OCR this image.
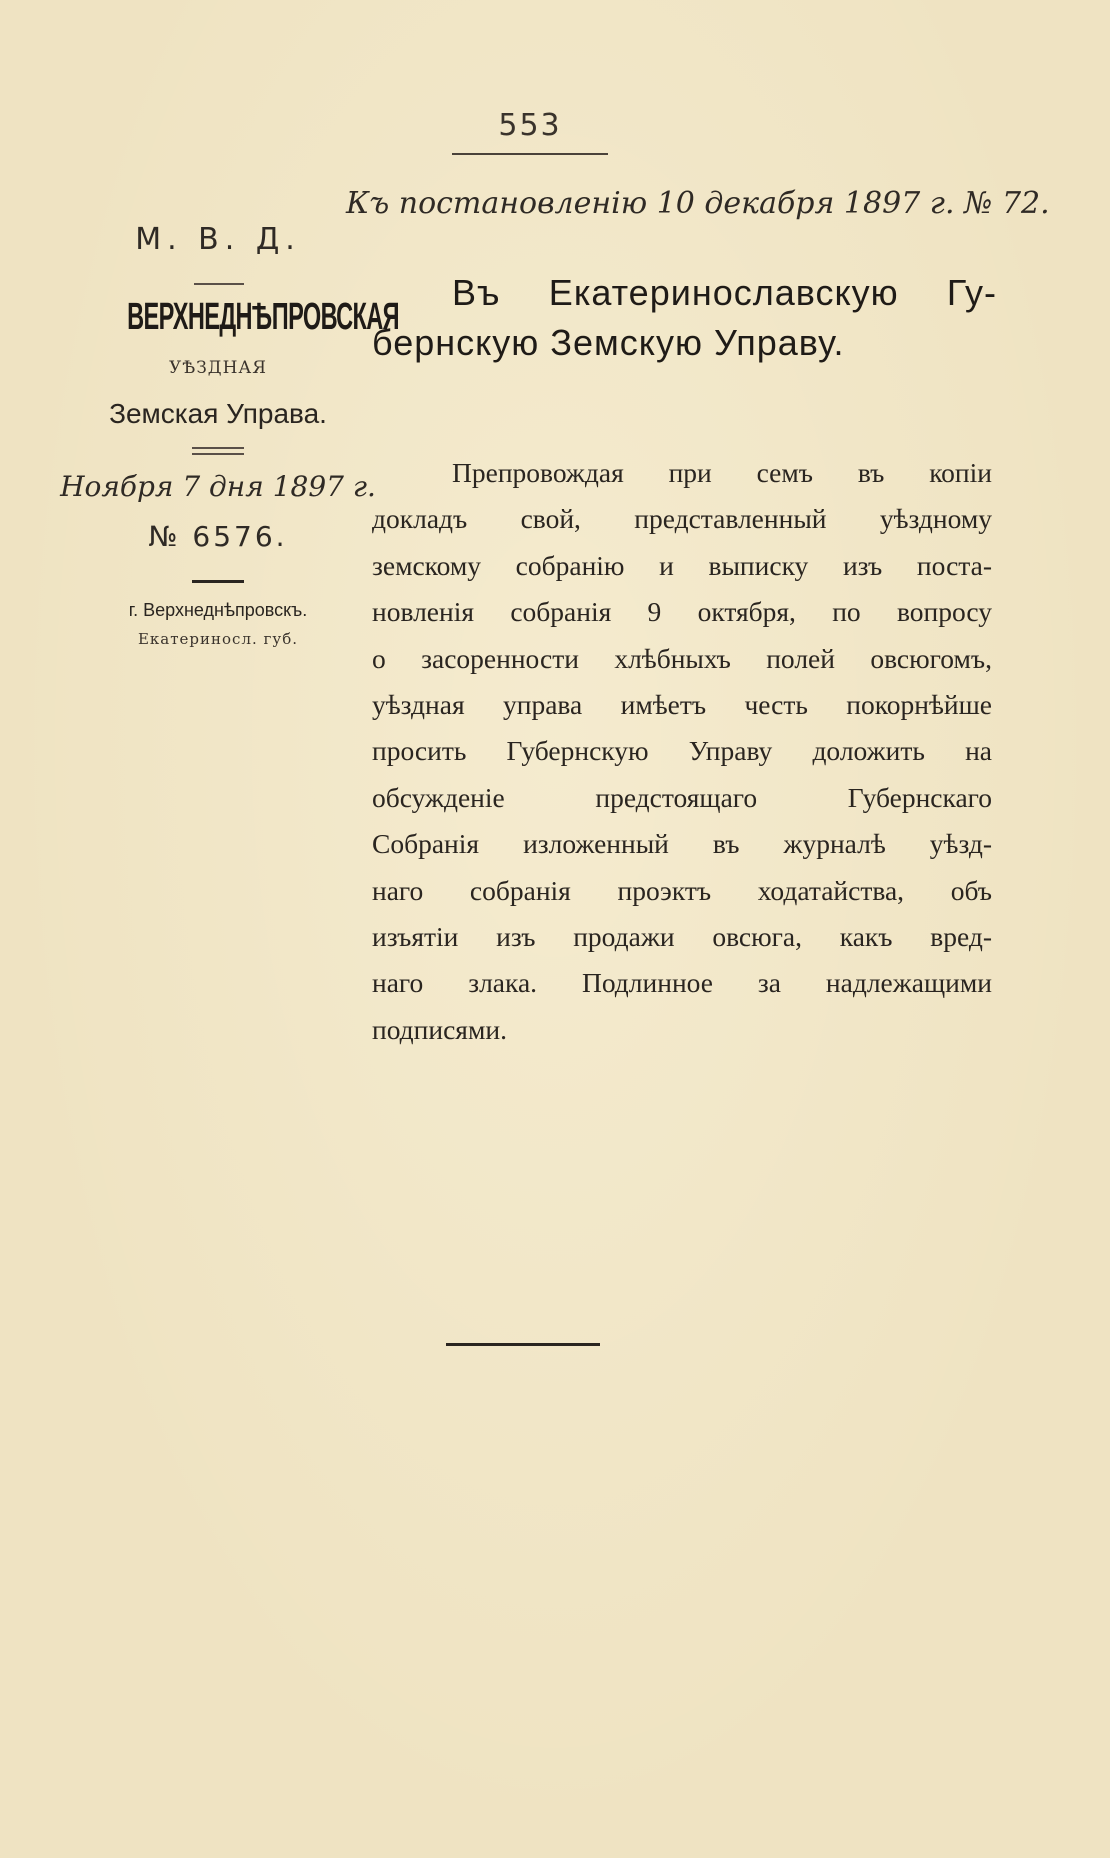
553
Къ постановленію 10 декабря 1897 г. № 72.
М. В. Д.
ВЕРХНЕДНѢПРОВСКАЯ
УѢЗДНАЯ
Земская Управа.
Ноября 7 дня 1897 г.
№ 6576.
г. Верхнеднѣпровскъ.
Екатериносл. губ.
Въ Екатеринославскую Гу-
бернскую Земскую Управу.
Препровождая при семъ въ копіи
докладъ свой, представленный уѣздному
земскому собранію и выписку изъ поста-
новленія собранія 9 октября, по вопросу
о засоренности хлѣбныхъ полей овсюгомъ,
уѣздная управа имѣетъ честь покорнѣйше
просить Губернскую Управу доложить на
обсужденіе предстоящаго Губернскаго
Собранія изложенный въ журналѣ уѣзд-
наго собранія проэктъ ходатайства, объ
изъятіи изъ продажи овсюга, какъ вред-
наго злака. Подлинное за надлежащими
подписями.
